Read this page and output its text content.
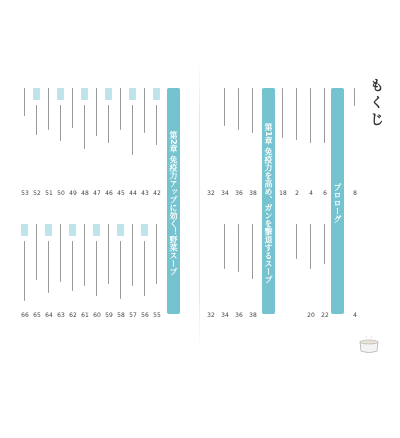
もくじ
プロローグ
第1章 免疫力を高め、ガンを撃退するスープ	8
6
4
2
18
38
36
34
32
22
20
38
36
34
32	4
第2章 免疫力アップに効く！野菜スープ
42
43
44
45
46
47
48
49
50
51
52
53
55
56
57
58
59
60
61
62
63
64
65
66
